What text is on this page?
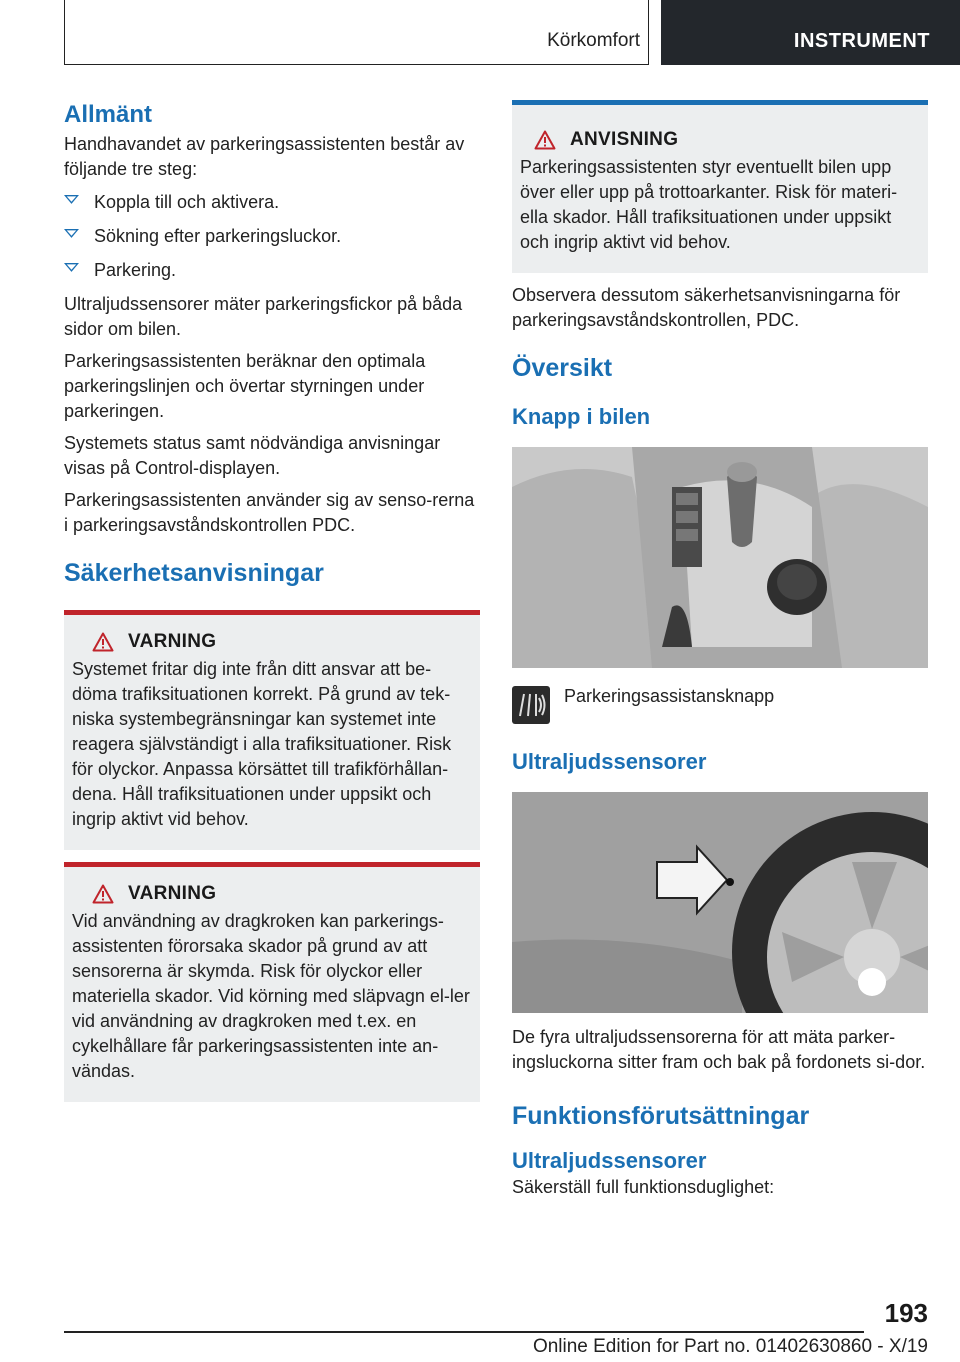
Körkomfort	INSTRUMENT
Allmänt

Handhavandet av parkeringsassistenten består av följande tre steg:

Koppla till och aktivera.
Sökning efter parkeringsluckor.
Parkering.

Ultraljudssensorer mäter parkeringsfickor på båda sidor om bilen.

Parkeringsassistenten beräknar den optimala parkeringslinjen och övertar styrningen under parkeringen.

Systemets status samt nödvändiga anvisningar visas på Control-displayen.

Parkeringsassistenten använder sig av senso-rerna i parkeringsavståndskontrollen PDC.

Säkerhetsanvisningar
VARNING

Systemet fritar dig inte från ditt ansvar att be-döma trafiksituationen korrekt. På grund av tek-niska systembegränsningar kan systemet inte reagera självständigt i alla trafiksituationer. Risk för olyckor. Anpassa körsättet till trafikförhållan-dena. Håll trafiksituationen under uppsikt och ingrip aktivt vid behov.

VARNING

Vid användning av dragkroken kan parkerings-assistenten förorsaka skador på grund av att sensorerna är skymda. Risk för olyckor eller materiella skador. Vid körning med släpvagn el-ler vid användning av dragkroken med t.ex. en cykelhållare får parkeringsassistenten inte an-vändas.

ANVISNING

Parkeringsassistenten styr eventuellt bilen upp över eller upp på trottoarkanter. Risk för materi-ella skador. Håll trafiksituationen under uppsikt och ingrip aktivt vid behov.

Observera dessutom säkerhetsanvisningarna för parkeringsavståndskontrollen, PDC.

Översikt
Knapp i bilen

Parkeringsassistansknapp

Ultraljudssensorer

De fyra ultraljudssensorerna för att mäta parker-ingsluckorna sitter fram och bak på fordonets si-dor.

Funktionsförutsättningar
Ultraljudssensorer

Säkerställ full funktionsduglighet:

193
Online Edition for Part no. 01402630860 - X/19
